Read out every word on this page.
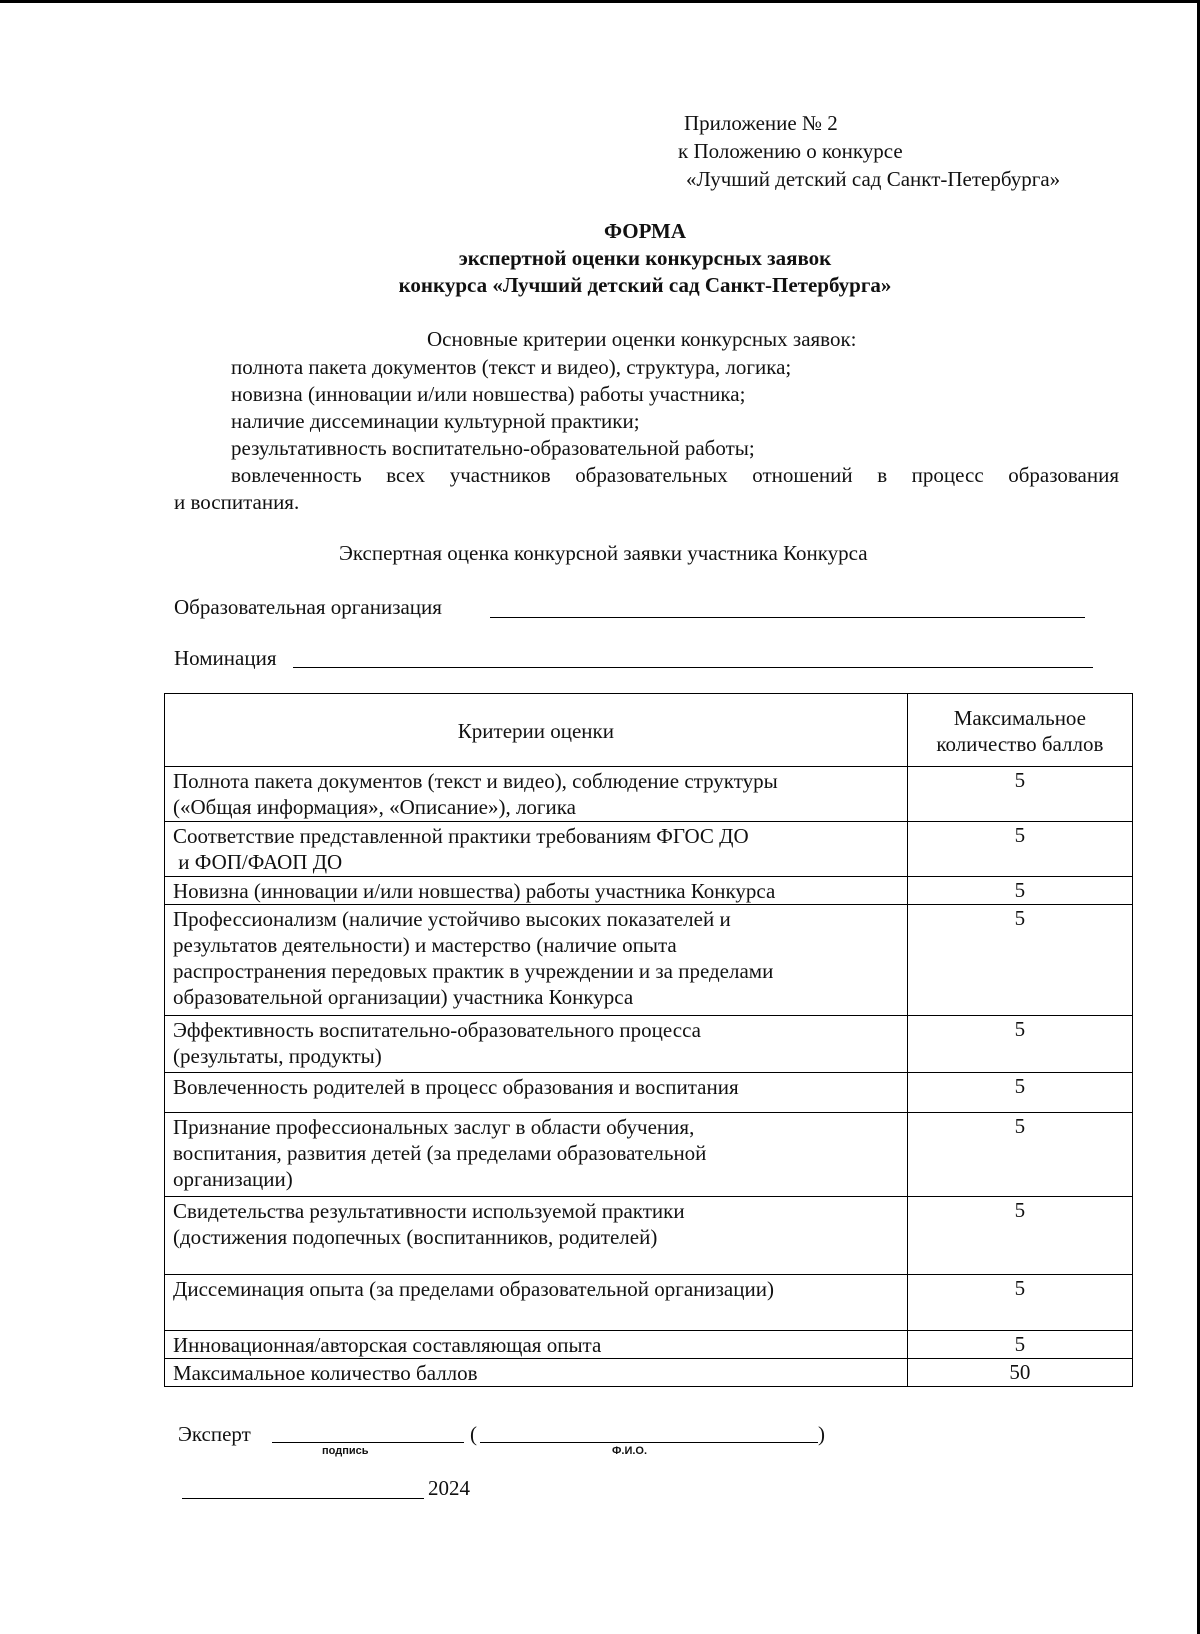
Приложение № 2
к Положению о конкурсе
«Лучший детский сад Санкт-Петербурга»
ФОРМА
экспертной оценки конкурсных заявок
конкурса «Лучший детский сад Санкт-Петербурга»
Основные критерии оценки конкурсных заявок:
полнота пакета документов (текст и видео), структура, логика;
новизна (инновации и/или новшества) работы участника;
наличие диссеминации культурной практики;
результативность воспитательно-образовательной работы;
вовлеченность всех участников образовательных отношений в процесс образования
и воспитания.
Экспертная оценка конкурсной заявки участника Конкурса
Образовательная организация
Номинация
Критерии оценки	Максимальное
количество баллов
Полнота пакета документов (текст и видео), соблюдение структуры
(«Общая информация», «Описание»), логика	5
Соответствие представленной практики требованиям ФГОС ДО
и ФОП/ФАОП ДО	5
Новизна (инновации и/или новшества) работы участника Конкурса	5
Профессионализм (наличие устойчиво высоких показателей и
результатов деятельности) и мастерство (наличие опыта
распространения передовых практик в учреждении и за пределами
образовательной организации) участника Конкурса	5
Эффективность воспитательно-образовательного процесса
(результаты, продукты)	5
Вовлеченность родителей в процесс образования и воспитания	5
Признание профессиональных заслуг в области обучения,
воспитания, развития детей (за пределами образовательной
организации)	5
Свидетельства результативности используемой практики
(достижения подопечных (воспитанников, родителей)	5
Диссеминация опыта (за пределами образовательной организации)	5
Инновационная/авторская составляющая опыта	5
Максимальное количество баллов	50
Эксперт
подпись
(	)
Ф.И.О.
2024
